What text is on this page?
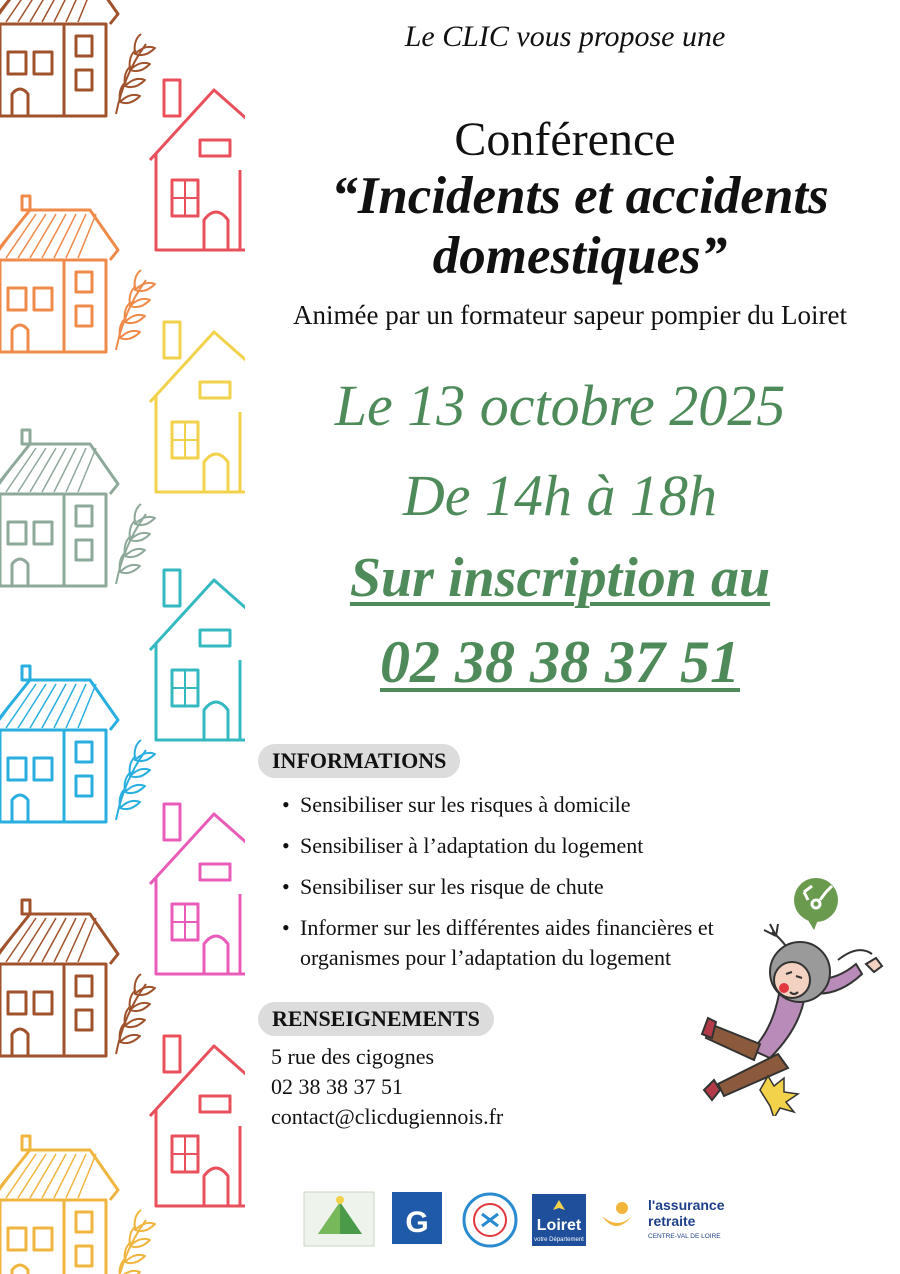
Le CLIC vous propose une

Conférence

“Incidents et accidents

domestiques”

Animée par un formateur sapeur pompier du Loiret

Le 13 octobre 2025

De 14h à 18h

Sur inscription au

02 38 38 37 51

INFORMATIONS
• Sensibiliser sur les risques à domicile
• Sensibiliser à l’adaptation du logement
• Sensibiliser sur les risque de chute
• Informer sur les différentes aides financières et organismes pour l’adaptation du logement
RENSEIGNEMENTS
5 rue des cigognes
02 38 38 37 51
contact@clicdugiennois.fr
G	Loiret
votre Département
l'assurance
retraite
CENTRE-VAL DE LOIRE
